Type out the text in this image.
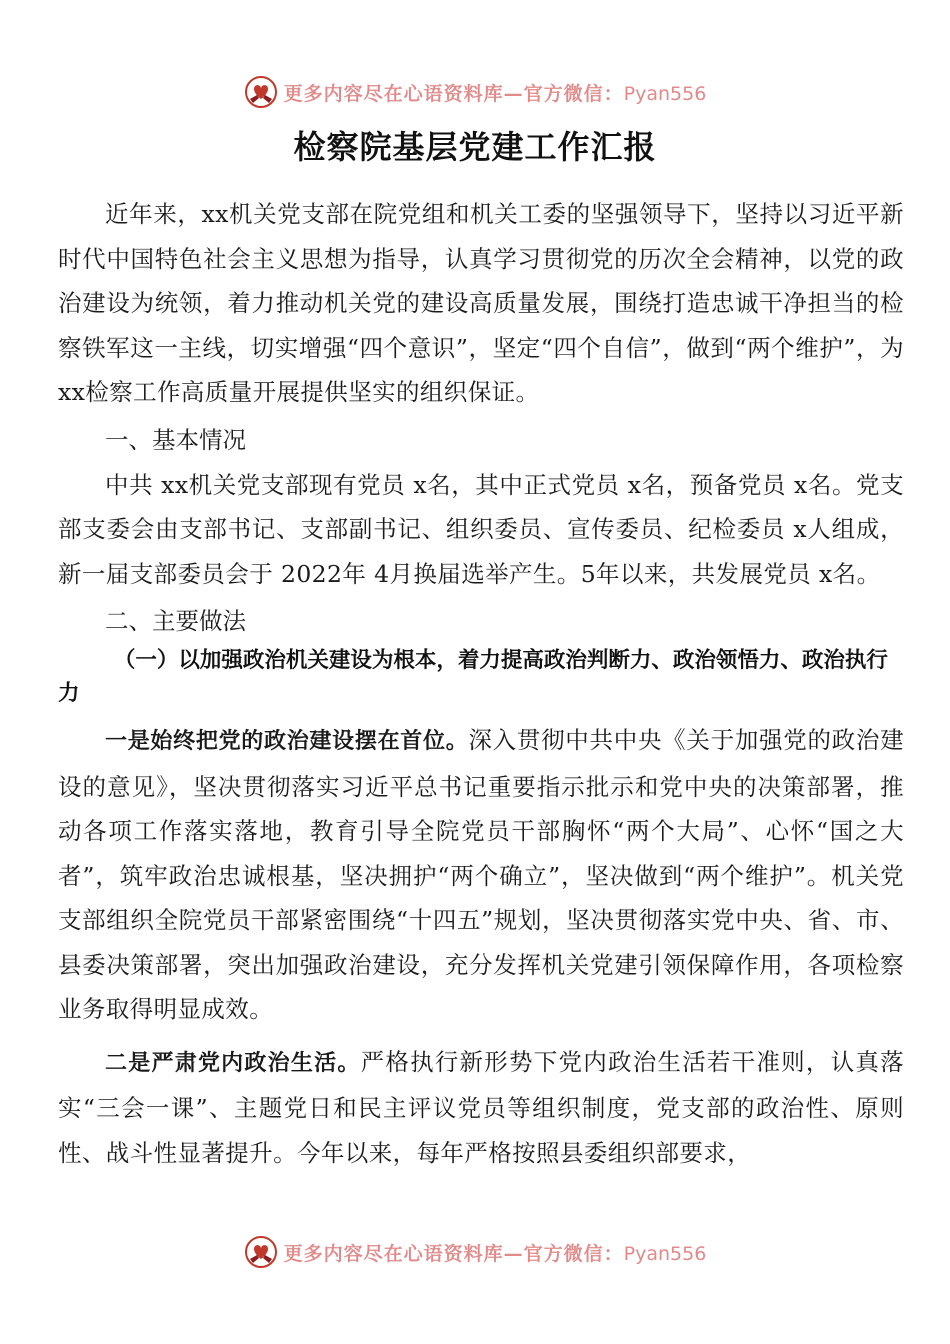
更多内容尽在心语资料库—官方微信：Pyan556
检察院基层党建工作汇报

近年来，xx机关党支部在院党组和机关工委的坚强领导下，坚持以习近平新时代中国特色社会主义思想为指导，认真学习贯彻党的历次全会精神，以党的政治建设为统领，着力推动机关党的建设高质量发展，围绕打造忠诚干净担当的检察铁军这一主线，切实增强“四个意识”，坚定“四个自信”，做到“两个维护”，为 xx检察工作高质量开展提供坚实的组织保证。

一、基本情况

中共 xx机关党支部现有党员 x名，其中正式党员 x名，预备党员 x名。党支部支委会由支部书记、支部副书记、组织委员、宣传委员、纪检委员 x人组成，新一届支部委员会于 2022年 4月换届选举产生。5年以来，共发展党员 x名。

二、主要做法

（一）以加强政治机关建设为根本，着力提高政治判断力、政治领悟力、政治执行力

一是始终把党的政治建设摆在首位。深入贯彻中共中央《关于加强党的政治建设的意见》，坚决贯彻落实习近平总书记重要指示批示和党中央的决策部署，推动各项工作落实落地，教育引导全院党员干部胸怀“两个大局”、心怀“国之大者”，筑牢政治忠诚根基，坚决拥护“两个确立”，坚决做到“两个维护”。机关党支部组织全院党员干部紧密围绕“十四五”规划，坚决贯彻落实党中央、省、市、县委决策部署，突出加强政治建设，充分发挥机关党建引领保障作用，各项检察业务取得明显成效。

二是严肃党内政治生活。严格执行新形势下党内政治生活若干准则，认真落实“三会一课”、主题党日和民主评议党员等组织制度，党支部的政治性、原则性、战斗性显著提升。今年以来，每年严格按照县委组织部要求，

更多内容尽在心语资料库—官方微信：Pyan556
